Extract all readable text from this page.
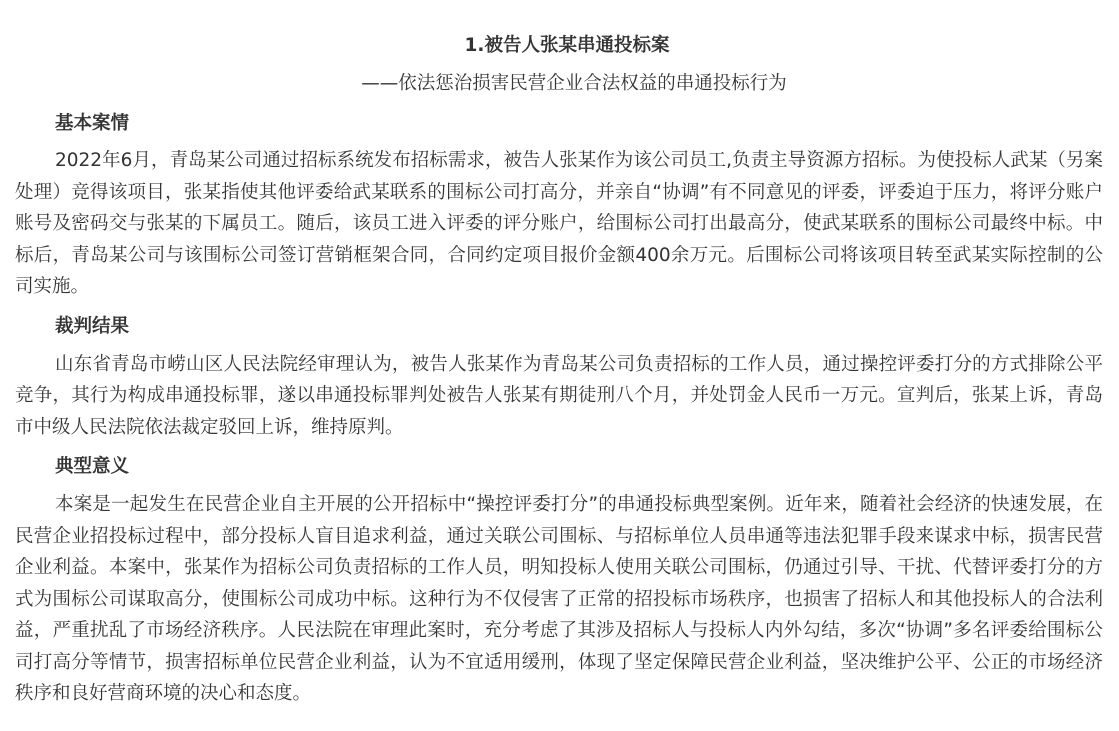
1.被告人张某串通投标案

——依法惩治损害民营企业合法权益的串通投标行为

基本案情

2022年6月，青岛某公司通过招标系统发布招标需求，被告人张某作为该公司员工,负责主导资源方招标。为使投标人武某（另案处理）竞得该项目，张某指使其他评委给武某联系的围标公司打高分，并亲自“协调”有不同意见的评委，评委迫于压力，将评分账户账号及密码交与张某的下属员工。随后，该员工进入评委的评分账户，给围标公司打出最高分，使武某联系的围标公司最终中标。中标后，青岛某公司与该围标公司签订营销框架合同，合同约定项目报价金额400余万元。后围标公司将该项目转至武某实际控制的公司实施。

裁判结果

山东省青岛市崂山区人民法院经审理认为，被告人张某作为青岛某公司负责招标的工作人员，通过操控评委打分的方式排除公平竞争，其行为构成串通投标罪，遂以串通投标罪判处被告人张某有期徒刑八个月，并处罚金人民币一万元。宣判后，张某上诉，青岛市中级人民法院依法裁定驳回上诉，维持原判。

典型意义

本案是一起发生在民营企业自主开展的公开招标中“操控评委打分”的串通投标典型案例。近年来，随着社会经济的快速发展，在民营企业招投标过程中，部分投标人盲目追求利益，通过关联公司围标、与招标单位人员串通等违法犯罪手段来谋求中标，损害民营企业利益。本案中，张某作为招标公司负责招标的工作人员，明知投标人使用关联公司围标，仍通过引导、干扰、代替评委打分的方式为围标公司谋取高分，使围标公司成功中标。这种行为不仅侵害了正常的招投标市场秩序，也损害了招标人和其他投标人的合法利益，严重扰乱了市场经济秩序。人民法院在审理此案时，充分考虑了其涉及招标人与投标人内外勾结，多次“协调”多名评委给围标公司打高分等情节，损害招标单位民营企业利益，认为不宜适用缓刑，体现了坚定保障民营企业利益，坚决维护公平、公正的市场经济秩序和良好营商环境的决心和态度。
